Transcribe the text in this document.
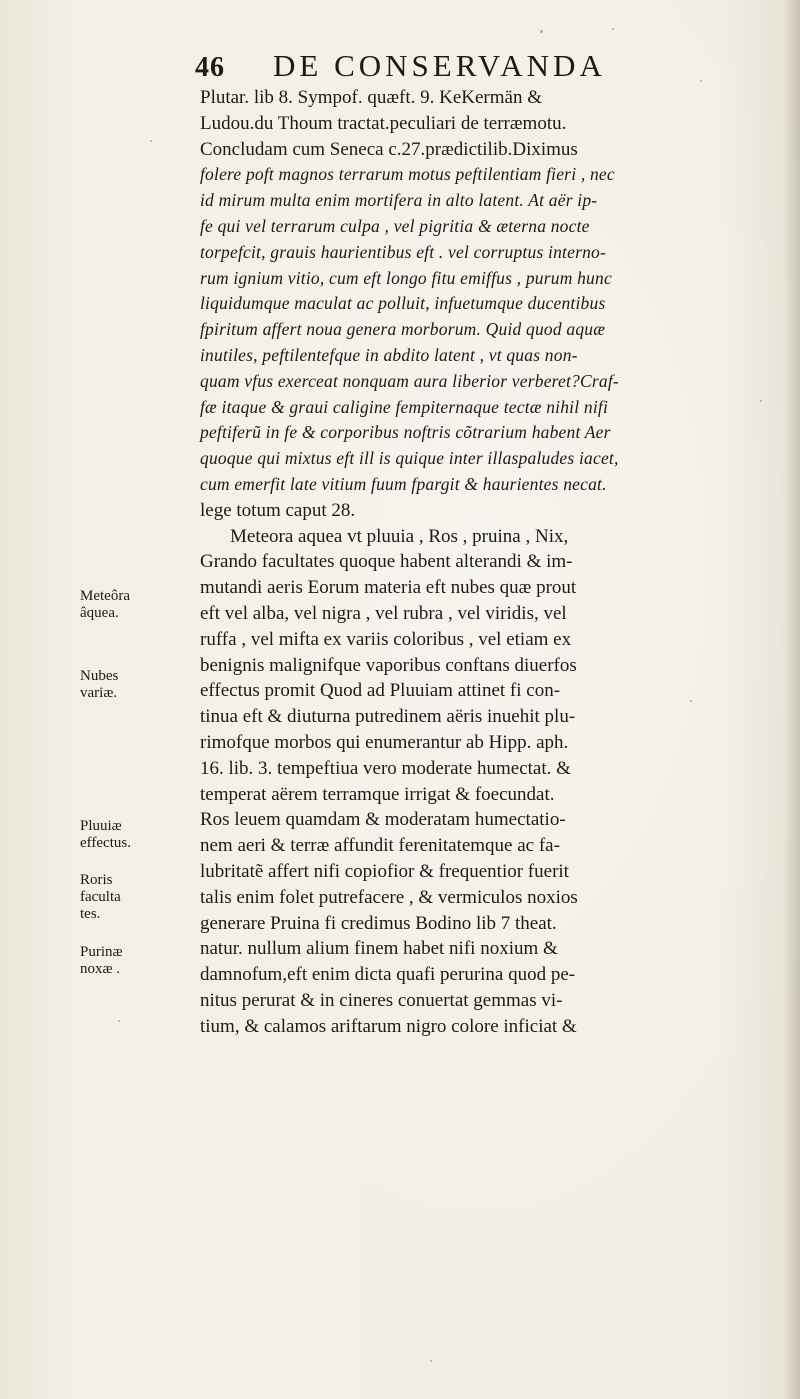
46 DE CONSERVANDA
Meteôra
âquea.
Nubes
variæ.
Pluuiæ
effectus.
Roris
faculta
tes.
Purinæ
noxæ .
Plutar. lib 8. Sympof. quæft. 9. KeKermän &
Ludou.du Thoum tractat.peculiari de terræmotu.
Concludam cum Seneca c.27.prædictilib.Diximus
folere poft magnos terrarum motus peftilentiam fieri , nec
id mirum multa enim mortifera in alto latent. At aër ip-
fe qui vel terrarum culpa , vel pigritia & æterna nocte
torpefcit, grauis haurientibus eft . vel corruptus interno-
rum ignium vitio, cum eft longo fitu emiffus , purum hunc
liquidumque maculat ac polluit, infuetumque ducentibus
fpiritum affert noua genera morborum. Quid quod aquæ
inutiles, peftilentefque in abdito latent , vt quas non-
quam vfus exerceat nonquam aura liberior verberet?Craf-
fæ itaque & graui caligine fempiternaque tectæ nihil nifi
peftiferũ in fe & corporibus noftris cõtrarium habent Aer
quoque qui mixtus eft ill is quique inter illaspaludes iacet,
cum emerfit late vitium fuum fpargit & haurientes necat.
lege totum caput 28.
Meteora aquea vt pluuia , Ros , pruina , Nix,
Grando facultates quoque habent alterandi & im-
mutandi aeris Eorum materia eft nubes quæ prout
eft vel alba, vel nigra , vel rubra , vel viridis, vel
ruffa , vel mifta ex variis coloribus , vel etiam ex
benignis malignifque vaporibus conftans diuerfos
effectus promit Quod ad Pluuiam attinet fi con-
tinua eft & diuturna putredinem aëris inuehit plu-
rimofque morbos qui enumerantur ab Hipp. aph.
16. lib. 3. tempeftiua vero moderate humectat. &
temperat aërem terramque irrigat & foecundat.
Ros leuem quamdam & moderatam humectatio-
nem aeri & terræ affundit ferenitatemque ac fa-
lubritatẽ affert nifi copiofior & frequentior fuerit
talis enim folet putrefacere , & vermiculos noxios
generare Pruina fi credimus Bodino lib 7 theat.
natur. nullum alium finem habet nifi noxium &
damnofum,eft enim dicta quafi perurina quod pe-
nitus perurat & in cineres conuertat gemmas vi-
tium, & calamos ariftarum nigro colore inficiat &
